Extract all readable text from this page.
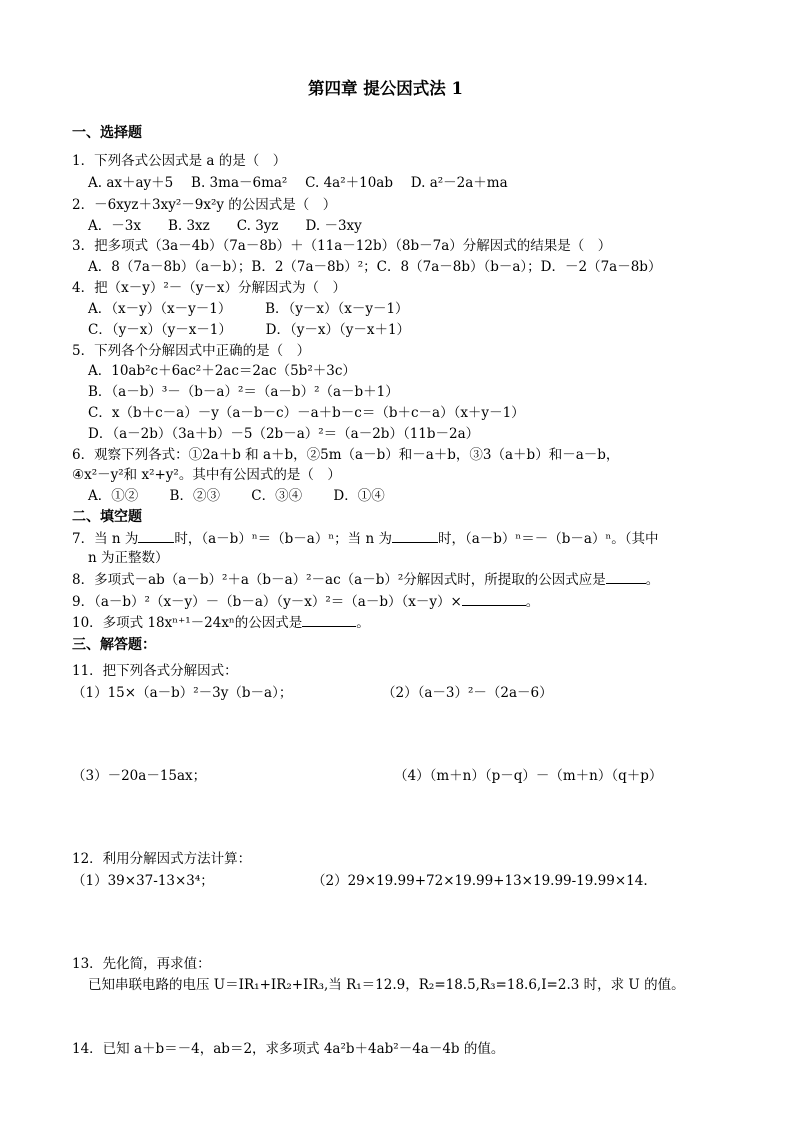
第四章 提公因式法 1
一、选择题
1．下列各式公因式是 a 的是（　）
A. ax＋ay＋5　 B. 3ma－6ma²　 C. 4a²＋10ab　 D. a²－2a＋ma
2．－6xyz＋3xy²－9x²y 的公因式是（　）
A．－3x　　B. 3xz　　C. 3yz　　D. －3xy
3．把多项式（3a－4b）（7a－8b）＋（11a－12b）（8b－7a）分解因式的结果是（　）
A．8（7a－8b）（a－b）；B．2（7a－8b）²；C．8（7a－8b）（b－a）；D．－2（7a－8b）
4．把（x－y）²－（y－x）分解因式为（　）
A．（x－y）（x－y－1）　　　B．（y－x）（x－y－1）
C．（y－x）（y－x－1）　　　D．（y－x）（y－x＋1）
5．下列各个分解因式中正确的是（　）
A．10ab²c＋6ac²＋2ac＝2ac（5b²＋3c）
B．（a－b）³－（b－a）²＝（a－b）²（a－b＋1）
C．x（b＋c－a）－y（a－b－c）－a＋b－c＝（b＋c－a）（x＋y－1）
D．（a－2b）（3a＋b）－5（2b－a）²＝（a－2b）（11b－2a）
6．观察下列各式：①2a＋b 和 a＋b，②5m（a－b）和－a＋b，③3（a＋b）和－a－b，
④x²－y²和 x²+y²。其中有公因式的是（　）
A．①②　　 B．②③　　 C．③④　　 D．①④
二、填空题
7．当 n 为	时，（a－b）ⁿ＝（b－a）ⁿ；当 n 为	时，（a－b）ⁿ＝－（b－a）ⁿ。（其中
n 为正整数）
8．多项式－ab（a－b）²＋a（b－a）²－ac（a－b）²分解因式时，所提取的公因式应是	。
9．（a－b）²（x－y）－（b－a）（y－x）²＝（a－b）（x－y）×	。
10．多项式 18xⁿ⁺¹－24xⁿ的公因式是	。
三、解答题：
11．把下列各式分解因式：
（1）15×（a－b）²－3y（b－a）；	（2）（a－3）²－（2a－6）
（3）－20a－15ax；	（4）（m＋n）（p－q）－（m＋n）（q＋p）
12．利用分解因式方法计算：
（1）39×37-13×3⁴；	（2）29×19.99+72×19.99+13×19.99-19.99×14.
13．先化简，再求值：
已知串联电路的电压 U＝IR₁+IR₂+IR₃,当 R₁＝12.9，R₂=18.5,R₃=18.6,I=2.3 时，求 U 的值。
14．已知 a＋b＝－4，ab＝2，求多项式 4a²b＋4ab²－4a－4b 的值。
